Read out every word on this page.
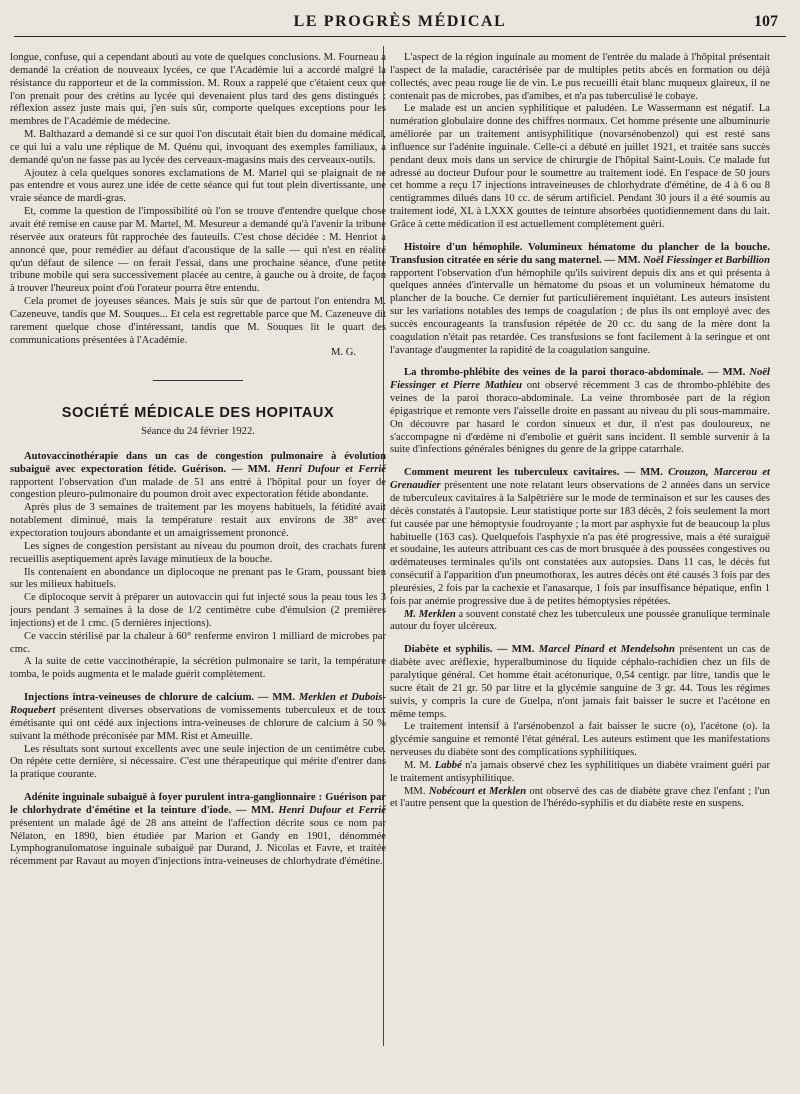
LE PROGRÈS MÉDICAL	107

longue, confuse, qui a cependant abouti au vote de quelques conclusions. M. Fourneau a demandé la création de nouveaux lycées, ce que l'Académie lui a accordé malgré la résistance du rapporteur et de la commission. M. Roux a rappelé que c'étaient ceux que l'on prenait pour des crétins au lycée qui devenaient plus tard des gens distingués : réflexion assez juste mais qui, j'en suis sûr, comporte quelques exceptions pour les membres de l'Académie de médecine.

M. Balthazard a demandé si ce sur quoi l'on discutait était bien du domaine médical, ce qui lui a valu une réplique de M. Quénu qui, invoquant des exemples familiaux, a demandé qu'on ne fasse pas au lycée des cerveaux-magasins mais des cerveaux-outils.

Ajoutez à cela quelques sonores exclamations de M. Martel qui se plaignait de ne pas entendre et vous aurez une idée de cette séance qui fut tout plein divertissante, une vraie séance de mardi-gras.

Et, comme la question de l'impossibilité où l'on se trouve d'entendre quelque chose avait été remise en cause par M. Martel, M. Mesureur a demandé qu'à l'avenir la tribune réservée aux orateurs fût rapprochée des fauteuils. C'est chose décidée : M. Henriot a annoncé que, pour remédier au défaut d'acoustique de la salle — qui n'est en réalité qu'un défaut de silence — on ferait l'essai, dans une prochaine séance, d'une petite tribune mobile qui sera successivement placée au centre, à gauche ou à droite, de façon à trouver l'heureux point d'où l'orateur pourra être entendu.

Cela promet de joyeuses séances. Mais je suis sûr que de partout l'on entendra M. Cazeneuve, tandis que M. Souques... Et cela est regrettable parce que M. Cazeneuve dit rarement quelque chose d'intéressant, tandis que M. Souques lit le quart des communications présentées à l'Académie.

M. G.
SOCIÉTÉ MÉDICALE DES HOPITAUX
Séance du 24 février 1922.

Autovaccinothérapie dans un cas de congestion pulmonaire à évolution subaiguë avec expectoration fétide. Guérison. — MM. Henri Dufour et Ferrié rapportent l'observation d'un malade de 51 ans entré à l'hôpital pour un foyer de congestion pleuro-pulmonaire du poumon droit avec expectoration fétide abondante.

Après plus de 3 semaines de traitement par les moyens habituels, la fétidité avait notablement diminué, mais la température restait aux environs de 38° avec expectoration toujours abondante et un amaigrissement prononcé.

Les signes de congestion persistant au niveau du poumon droit, des crachats furent recueillis aseptiquement après lavage minutieux de la bouche.

Ils contenaient en abondance un diplocoque ne prenant pas le Gram, poussant bien sur les milieux habituels.

Ce diplocoque servit à préparer un autovaccin qui fut injecté sous la peau tous les 3 jours pendant 3 semaines à la dose de 1/2 centimètre cube d'émulsion (2 premières injections) et de 1 cmc. (5 dernières injections).

Ce vaccin stérilisé par la chaleur à 60° renferme environ 1 milliard de microbes par cmc.

A la suite de cette vaccinothérapie, la sécrétion pulmonaire se tarit, la température tomba, le poids augmenta et le malade guérit complètement.

Injections intra-veineuses de chlorure de calcium. — MM. Merklen et Dubois-Roquebert présentent diverses observations de vomissements tuberculeux et de toux émétisante qui ont cédé aux injections intra-veineuses de chlorure de calcium à 50 % suivant la méthode préconisée par MM. Rist et Ameuille.

Les résultats sont surtout excellents avec une seule injection de un centimètre cube. On répète cette dernière, si nécessaire. C'est une thérapeutique qui mérite d'entrer dans la pratique courante.

Adénite inguinale subaiguë à foyer purulent intra-ganglionnaire : Guérison par le chlorhydrate d'émétine et la teinture d'iode. — MM. Henri Dufour et Ferrié présentent un malade âgé de 28 ans atteint de l'affection décrite sous ce nom par Nélaton, en 1890, bien étudiée par Marion et Gandy en 1901, dénommée Lymphogranulomatose inguinale subaiguë par Durand, J. Nicolas et Favre, et traitée récemment par Ravaut au moyen d'injections intra-veineuses de chlorhydrate d'émétine.

L'aspect de la région inguinale au moment de l'entrée du malade à l'hôpital présentait l'aspect de la maladie, caractérisée par de multiples petits abcès en formation ou déjà collectés, avec peau rouge lie de vin. Le pus recueilli était blanc muqueux glaireux, il ne contenait pas de microbes, pas d'amibes, et n'a pas tuberculisé le cobaye.

Le malade est un ancien syphilitique et paludéen. Le Wassermann est négatif. La numération globulaire donne des chiffres normaux. Cet homme présente une albuminurie améliorée par un traitement antisyphilitique (novarsénobenzol) qui est resté sans influence sur l'adénite inguinale. Celle-ci a débuté en juillet 1921, et traitée sans succès pendant deux mois dans un service de chirurgie de l'hôpital Saint-Louis. Ce malade fut adressé au docteur Dufour pour le soumettre au traitement iodé. En l'espace de 50 jours cet homme a reçu 17 injections intraveineuses de chlorhydrate d'émétine, de 4 à 6 ou 8 centigrammes dilués dans 10 cc. de sérum artificiel. Pendant 30 jours il a été soumis au traitement iodé, XL à LXXX gouttes de teinture absorbées quotidiennement dans du lait. Grâce à cette médication il est actuellement complètement guéri.

Histoire d'un hémophile. Volumineux hématome du plancher de la bouche. Transfusion citratée en série du sang maternel. — MM. Noël Fiessinger et Barbillion rapportent l'observation d'un hémophile qu'ils suivirent depuis dix ans et qui présenta à quelques années d'intervalle un hématome du psoas et un volumineux hématome du plancher de la bouche. Ce dernier fut particulièrement inquiétant. Les auteurs insistent sur les variations notables des temps de coagulation ; de plus ils ont employé avec des succès encourageants la transfusion répétée de 20 cc. du sang de la mère dont la coagulation n'était pas retardée. Ces transfusions se font facilement à la seringue et ont l'avantage d'augmenter la rapidité de la coagulation sanguine.

La thrombo-phlébite des veines de la paroi thoraco-abdominale. — MM. Noël Fiessinger et Pierre Mathieu ont observé récemment 3 cas de thrombo-phlébite des veines de la paroi thoraco-abdominale. La veine thrombosée part de la région épigastrique et remonte vers l'aisselle droite en passant au niveau du pli sous-mammaire. On découvre par hasard le cordon sinueux et dur, il n'est pas douloureux, ne s'accompagne ni d'œdème ni d'embolie et guérit sans incident. Il semble survenir à la suite d'infections générales bénignes du genre de la grippe catarrhale.

Comment meurent les tuberculeux cavitaires. — MM. Crouzon, Marcerou et Grenaudier présentent une note relatant leurs observations de 2 années dans un service de tuberculeux cavitaires à la Salpêtrière sur le mode de terminaison et sur les causes des décès constatés à l'autopsie. Leur statistique porte sur 183 décès, 2 fois seulement la mort fut causée par une hémoptysie foudroyante ; la mort par asphyxie fut de beaucoup la plus habituelle (163 cas). Quelquefois l'asphyxie n'a pas été progressive, mais a été suraiguë et soudaine, les auteurs attribuant ces cas de mort brusquée à des poussées congestives ou œdémateuses terminales qu'ils ont constatées aux autopsies. Dans 11 cas, le décès fut consécutif à l'apparition d'un pneumothorax, les autres décès ont été causés 3 fois par des pleurésies, 2 fois par la cachexie et l'anasarque, 1 fois par insuffisance hépatique, enfin 1 fois par anémie progressive due à de petites hémoptysies répétées.

M. Merklen a souvent constaté chez les tuberculeux une poussée granulique terminale autour du foyer ulcéreux.

Diabète et syphilis. — MM. Marcel Pinard et Mendelsohn présentent un cas de diabète avec aréflexie, hyperalbuminose du liquide céphalo-rachidien chez un fils de paralytique général. Cet homme était acétonurique, 0,54 centigr. par litre, tandis que le sucre était de 21 gr. 50 par litre et la glycémie sanguine de 3 gr. 44. Tous les régimes suivis, y compris la cure de Guelpa, n'ont jamais fait baisser le sucre et l'acétone en même temps.

Le traitement intensif à l'arsénobenzol a fait baisser le sucre (o), l'acétone (o). la glycémie sanguine et remonté l'état général. Les auteurs estiment que les manifestations nerveuses du diabète sont des complications syphilitiques.

M. M. Labbé n'a jamais observé chez les syphilitiques un diabète vraiment guéri par le traitement antisyphilitique.

MM. Nobécourt et Merklen ont observé des cas de diabète grave chez l'enfant ; l'un et l'autre pensent que la question de l'hérédo-syphilis et du diabète reste en suspens.
